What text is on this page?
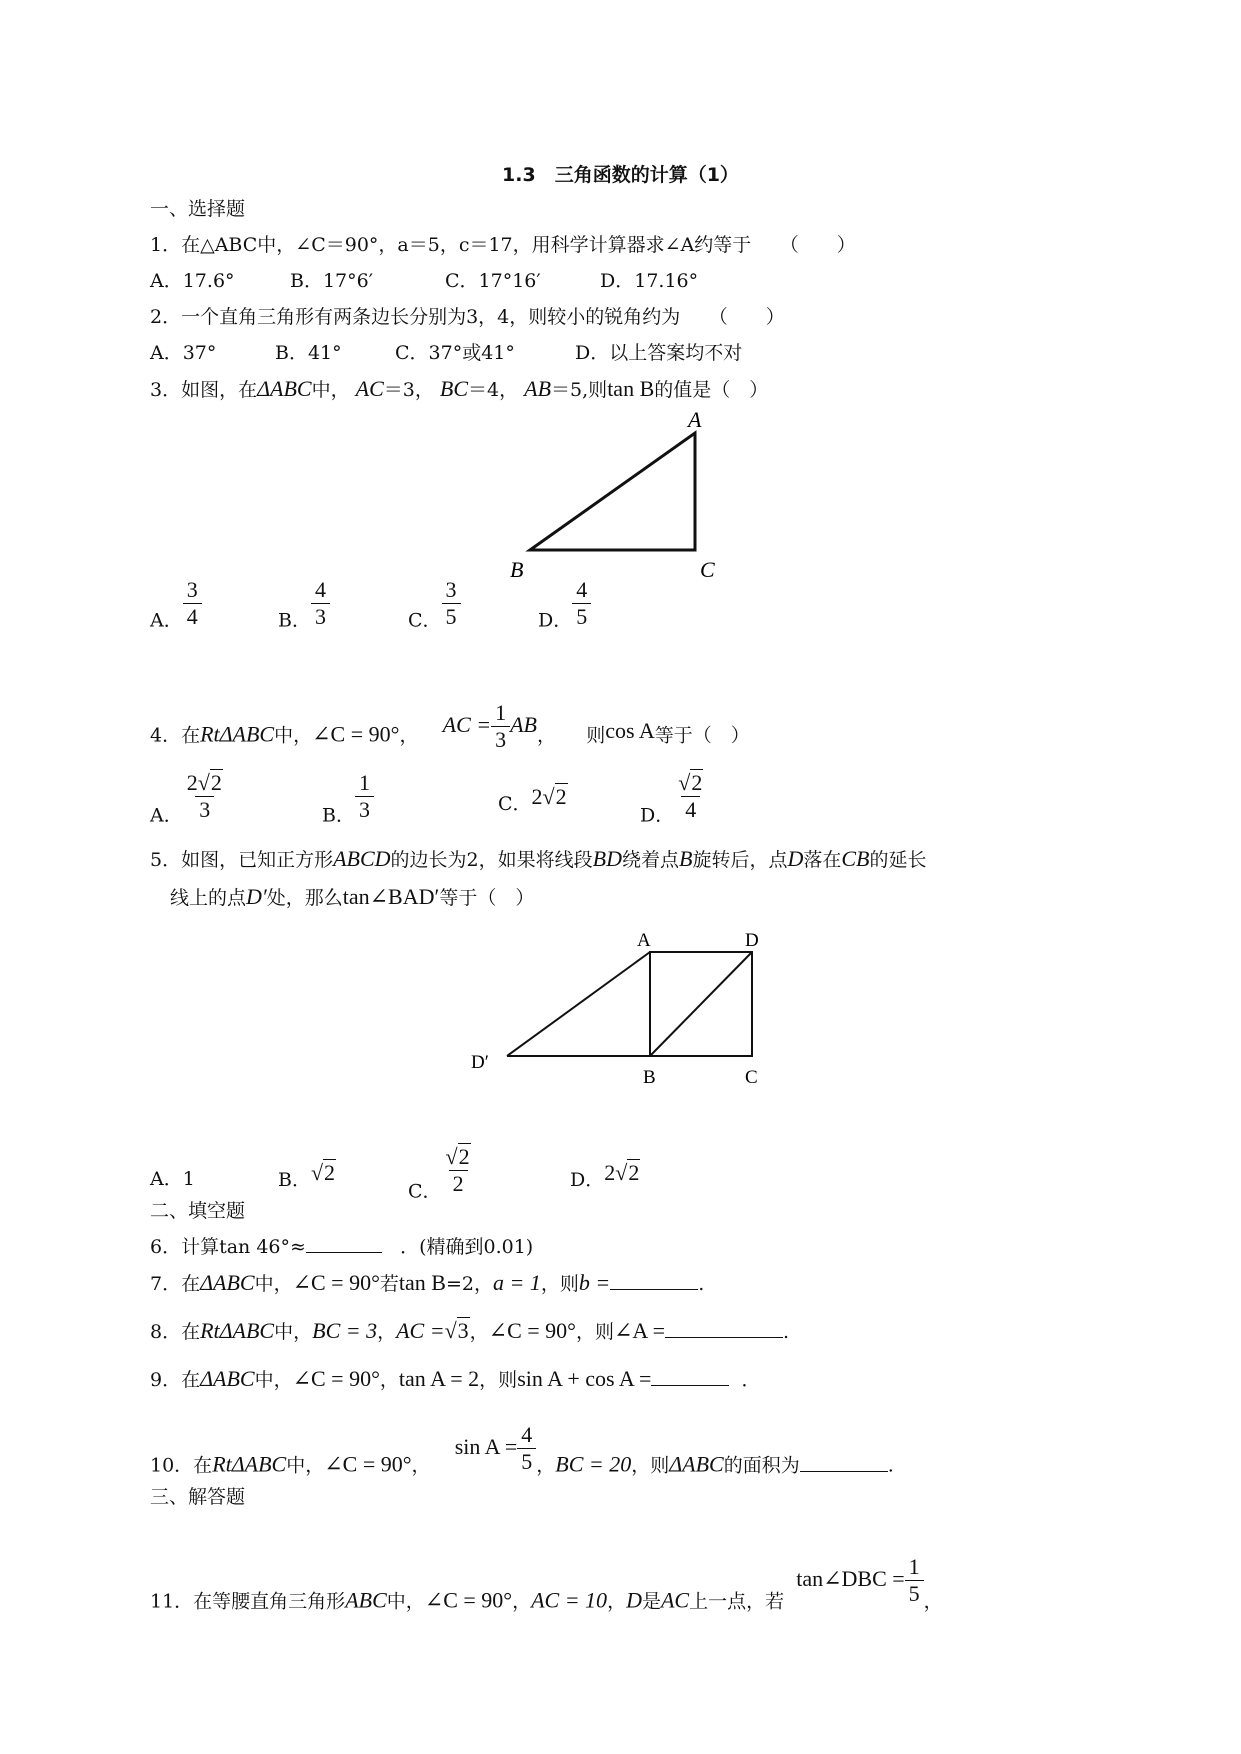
1.3　三角函数的计算（1）
一、选择题
1．在△ABC中，∠C＝90°，a＝5，c＝17，用科学计算器求∠A约等于　　（　　）
A．17.6°	B．17°6′	C．17°16′	D．17.16°
2．一个直角三角形有两条边长分别为3，4，则较小的锐角约为　　（　　）
A．37°	B．41°	C．37°或41°	D．以上答案均不对
3．如图，在ΔABC中， AC＝3， BC＝4， AB＝5,则tan B的值是（　）
A
B	C
A． $\frac{3}{4}$	B． $\frac{4}{3}$	C． $\frac{3}{5}$	D． $\frac{4}{5}$
4．在RtΔABC中，∠C = 90°， AC = $\frac{1}{3}$ AB， 则cos A等于（　）
A． $\frac{2√2}{3}$	B． $\frac{1}{3}$	C．2√2
D． $\frac{√2}{4}$
5．如图，已知正方形ABCD的边长为2，如果将线段BD绕着点B旋转后，点D落在CB的延长
线上的点D′处，那么tan∠BAD′等于（　）
A	D
B	C
D′
A．1	B．√2
C． $\frac{√2}{2}$	D．2√2
二、填空题
6．计算tan 46°≈	．(精确到0.01)
7．在ΔABC中，∠C = 90°若tan B=2，a = 1，则b =	.
8．在RtΔABC中，BC = 3，AC =√3，∠C = 90°，则∠A =	.
9．在ΔABC中，∠C = 90°，tan A = 2，则sin A + cos A =	．
10．在RtΔABC中，∠C = 90°，    $\sin A = \frac{4}{5}$ ，BC = 20，则ΔABC的面积为	.
三、解答题
11．在等腰直角三角形ABC中，∠C = 90°，AC = 10，D是AC上一点，若  tan∠DBC = $\frac{1}{5}$ ，
